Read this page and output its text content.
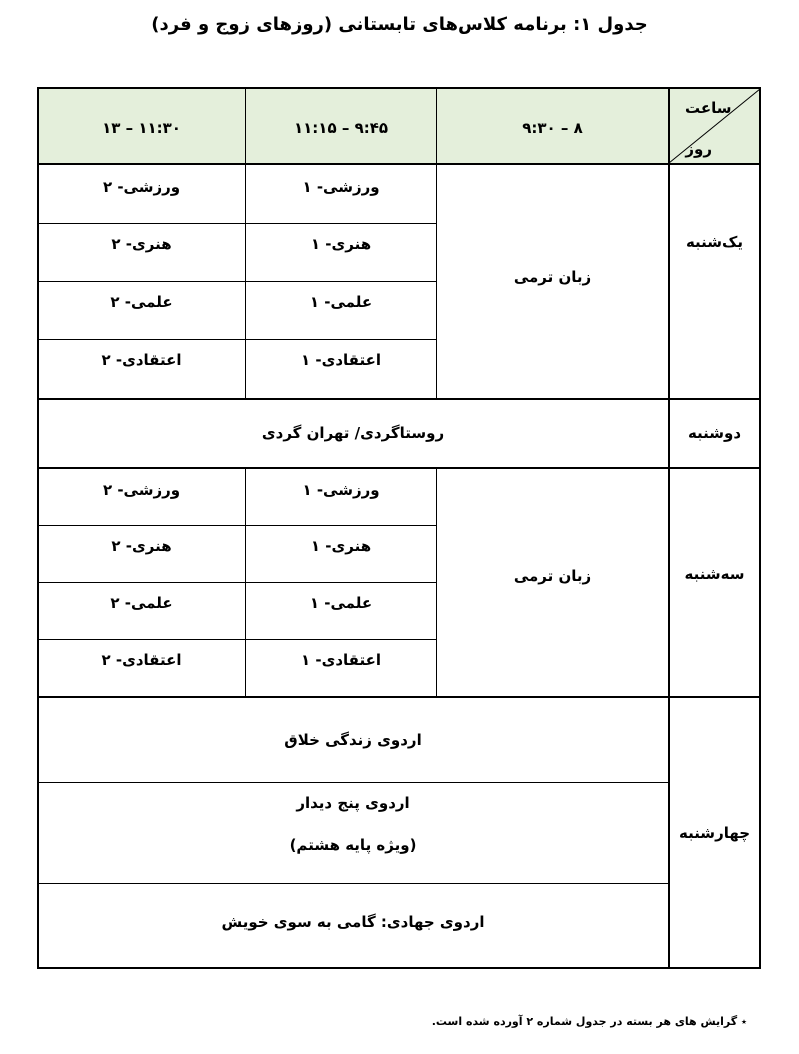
جدول ۱: برنامه کلاس‌های تابستانی (روزهای زوج و فرد)
ساعت
روز
۸ – ۹:۳۰
۹:۴۵ – ۱۱:۱۵
۱۱:۳۰ – ۱۳
یک‌شنبه
دوشنبه
سه‌شنبه
چهارشنبه
زبان ترمی
ورزشی- ۱
هنری- ۱
علمی- ۱
اعتقادی- ۱
ورزشی- ۲
هنری- ۲
علمی- ۲
اعتقادی- ۲
روستاگردی/ تهران گردی
زبان ترمی
ورزشی- ۱
هنری- ۱
علمی- ۱
اعتقادی- ۱
ورزشی- ۲
هنری- ۲
علمی- ۲
اعتقادی- ۲
اردوی زندگی خلاق
اردوی پنج دیدار
(ویژه پایه هشتم)
اردوی جهادی: گامی به سوی خویش
٭ گرایش های هر بسته در جدول شماره ۲ آورده شده است.
